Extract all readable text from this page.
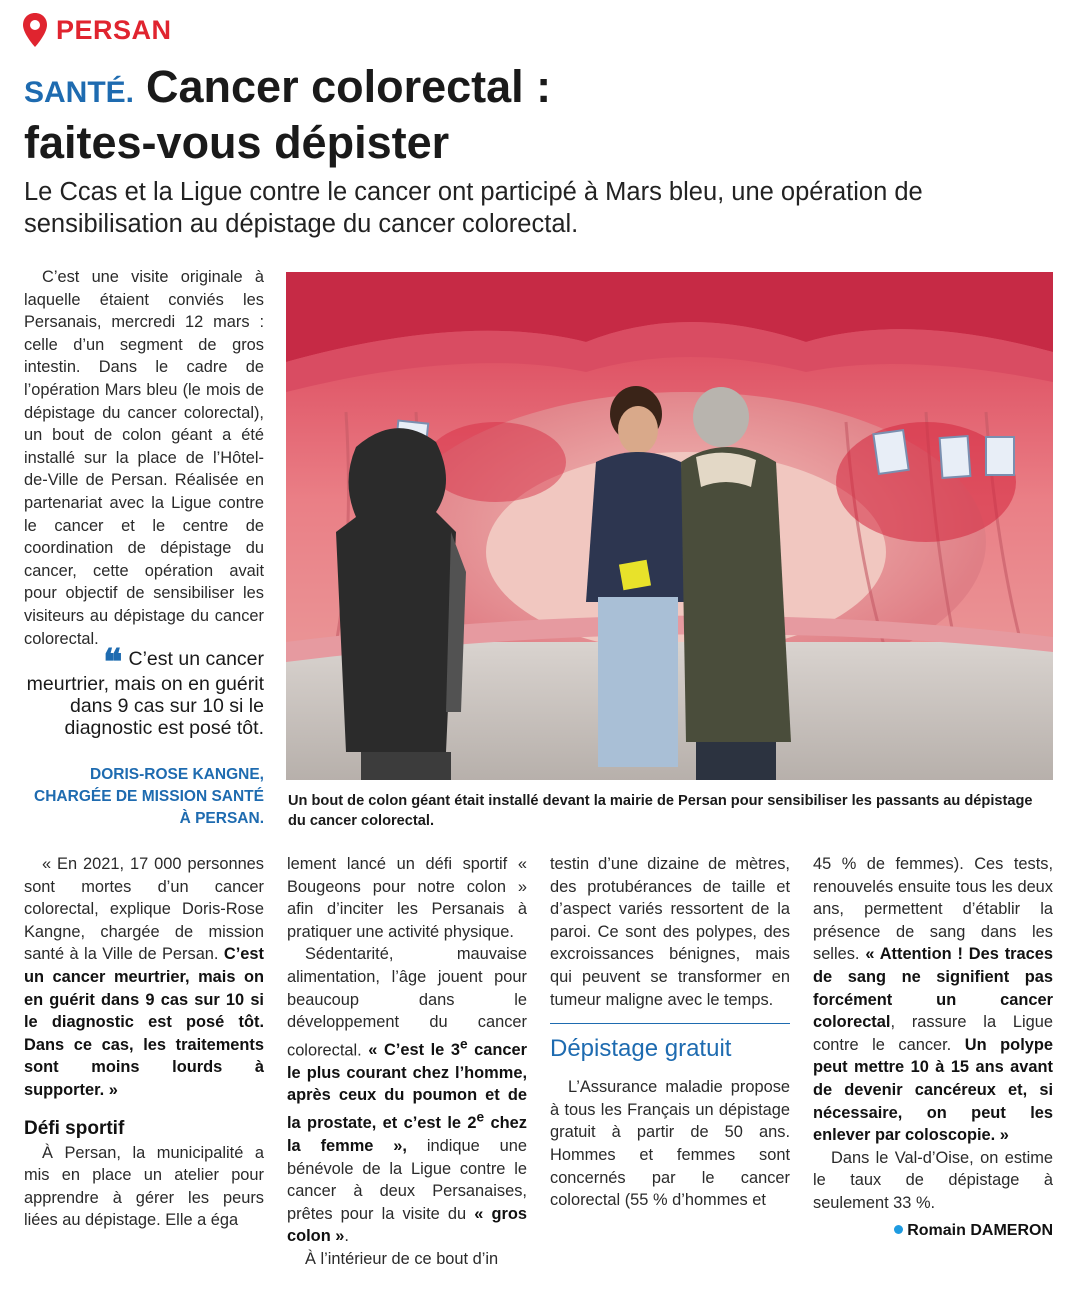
PERSAN
SANTÉ. Cancer colorectal :
faites-vous dépister
Le Ccas et la Ligue contre le cancer ont participé à Mars bleu, une opération de sensibilisation au dépistage du cancer colorectal.

C’est une visite originale à laquelle étaient conviés les Persanais, mercredi 12 mars : celle d’un segment de gros intestin. Dans le cadre de l’opération Mars bleu (le mois de dépistage du cancer colorectal), un bout de colon géant a été installé sur la place de l’Hôtel-de-Ville de Persan. Réalisée en partenariat avec la Ligue contre le cancer et le centre de coordination de dépistage du cancer, cette opération avait pour objectif de sensibiliser les visiteurs au dépistage du cancer colorectal.

❝ C’est un cancer meurtrier, mais on en guérit dans 9 cas sur 10 si le diagnostic est posé tôt.
DORIS-ROSE KANGNE,
CHARGÉE DE MISSION SANTÉ
À PERSAN.
Un bout de colon géant était installé devant la mairie de Persan pour sensibiliser les passants au dépistage du cancer colorectal.

« En 2021, 17 000 personnes sont mortes d’un cancer colorectal, explique Doris-Rose Kangne, chargée de mission santé à la Ville de Persan. C’est un cancer meurtrier, mais on en guérit dans 9 cas sur 10 si le diagnostic est posé tôt. Dans ce cas, les traitements sont moins lourds à supporter. »

Défi sportif

À Persan, la municipalité a mis en place un atelier pour apprendre à gérer les peurs liées au dépistage. Elle a éga

lement lancé un défi sportif « Bougeons pour notre colon » afin d’inciter les Persanais à pratiquer une activité physique.

Sédentarité, mauvaise alimentation, l’âge jouent pour beaucoup dans le développement du cancer colorectal. « C’est le 3e cancer le plus courant chez l’homme, après ceux du poumon et de la prostate, et c’est le 2e chez la femme », indique une bénévole de la Ligue contre le cancer à deux Persanaises, prêtes pour la visite du « gros colon ».

À l’intérieur de ce bout d’in

testin d’une dizaine de mètres, des protubérances de taille et d’aspect variés ressortent de la paroi. Ce sont des polypes, des excroissances bénignes, mais qui peuvent se transformer en tumeur maligne avec le temps.

Dépistage gratuit

L’Assurance maladie propose à tous les Français un dépistage gratuit à partir de 50 ans. Hommes et femmes sont concernés par le cancer colorectal (55 % d’hommes et

45 % de femmes). Ces tests, renouvelés ensuite tous les deux ans, permettent d’établir la présence de sang dans les selles. « Attention ! Des traces de sang ne signifient pas forcément un cancer colorectal, rassure la Ligue contre le cancer. Un polype peut mettre 10 à 15 ans avant de devenir cancéreux et, si nécessaire, on peut les enlever par coloscopie. »

Dans le Val-d’Oise, on estime le taux de dépistage à seulement 33 %.

Romain DAMERON
